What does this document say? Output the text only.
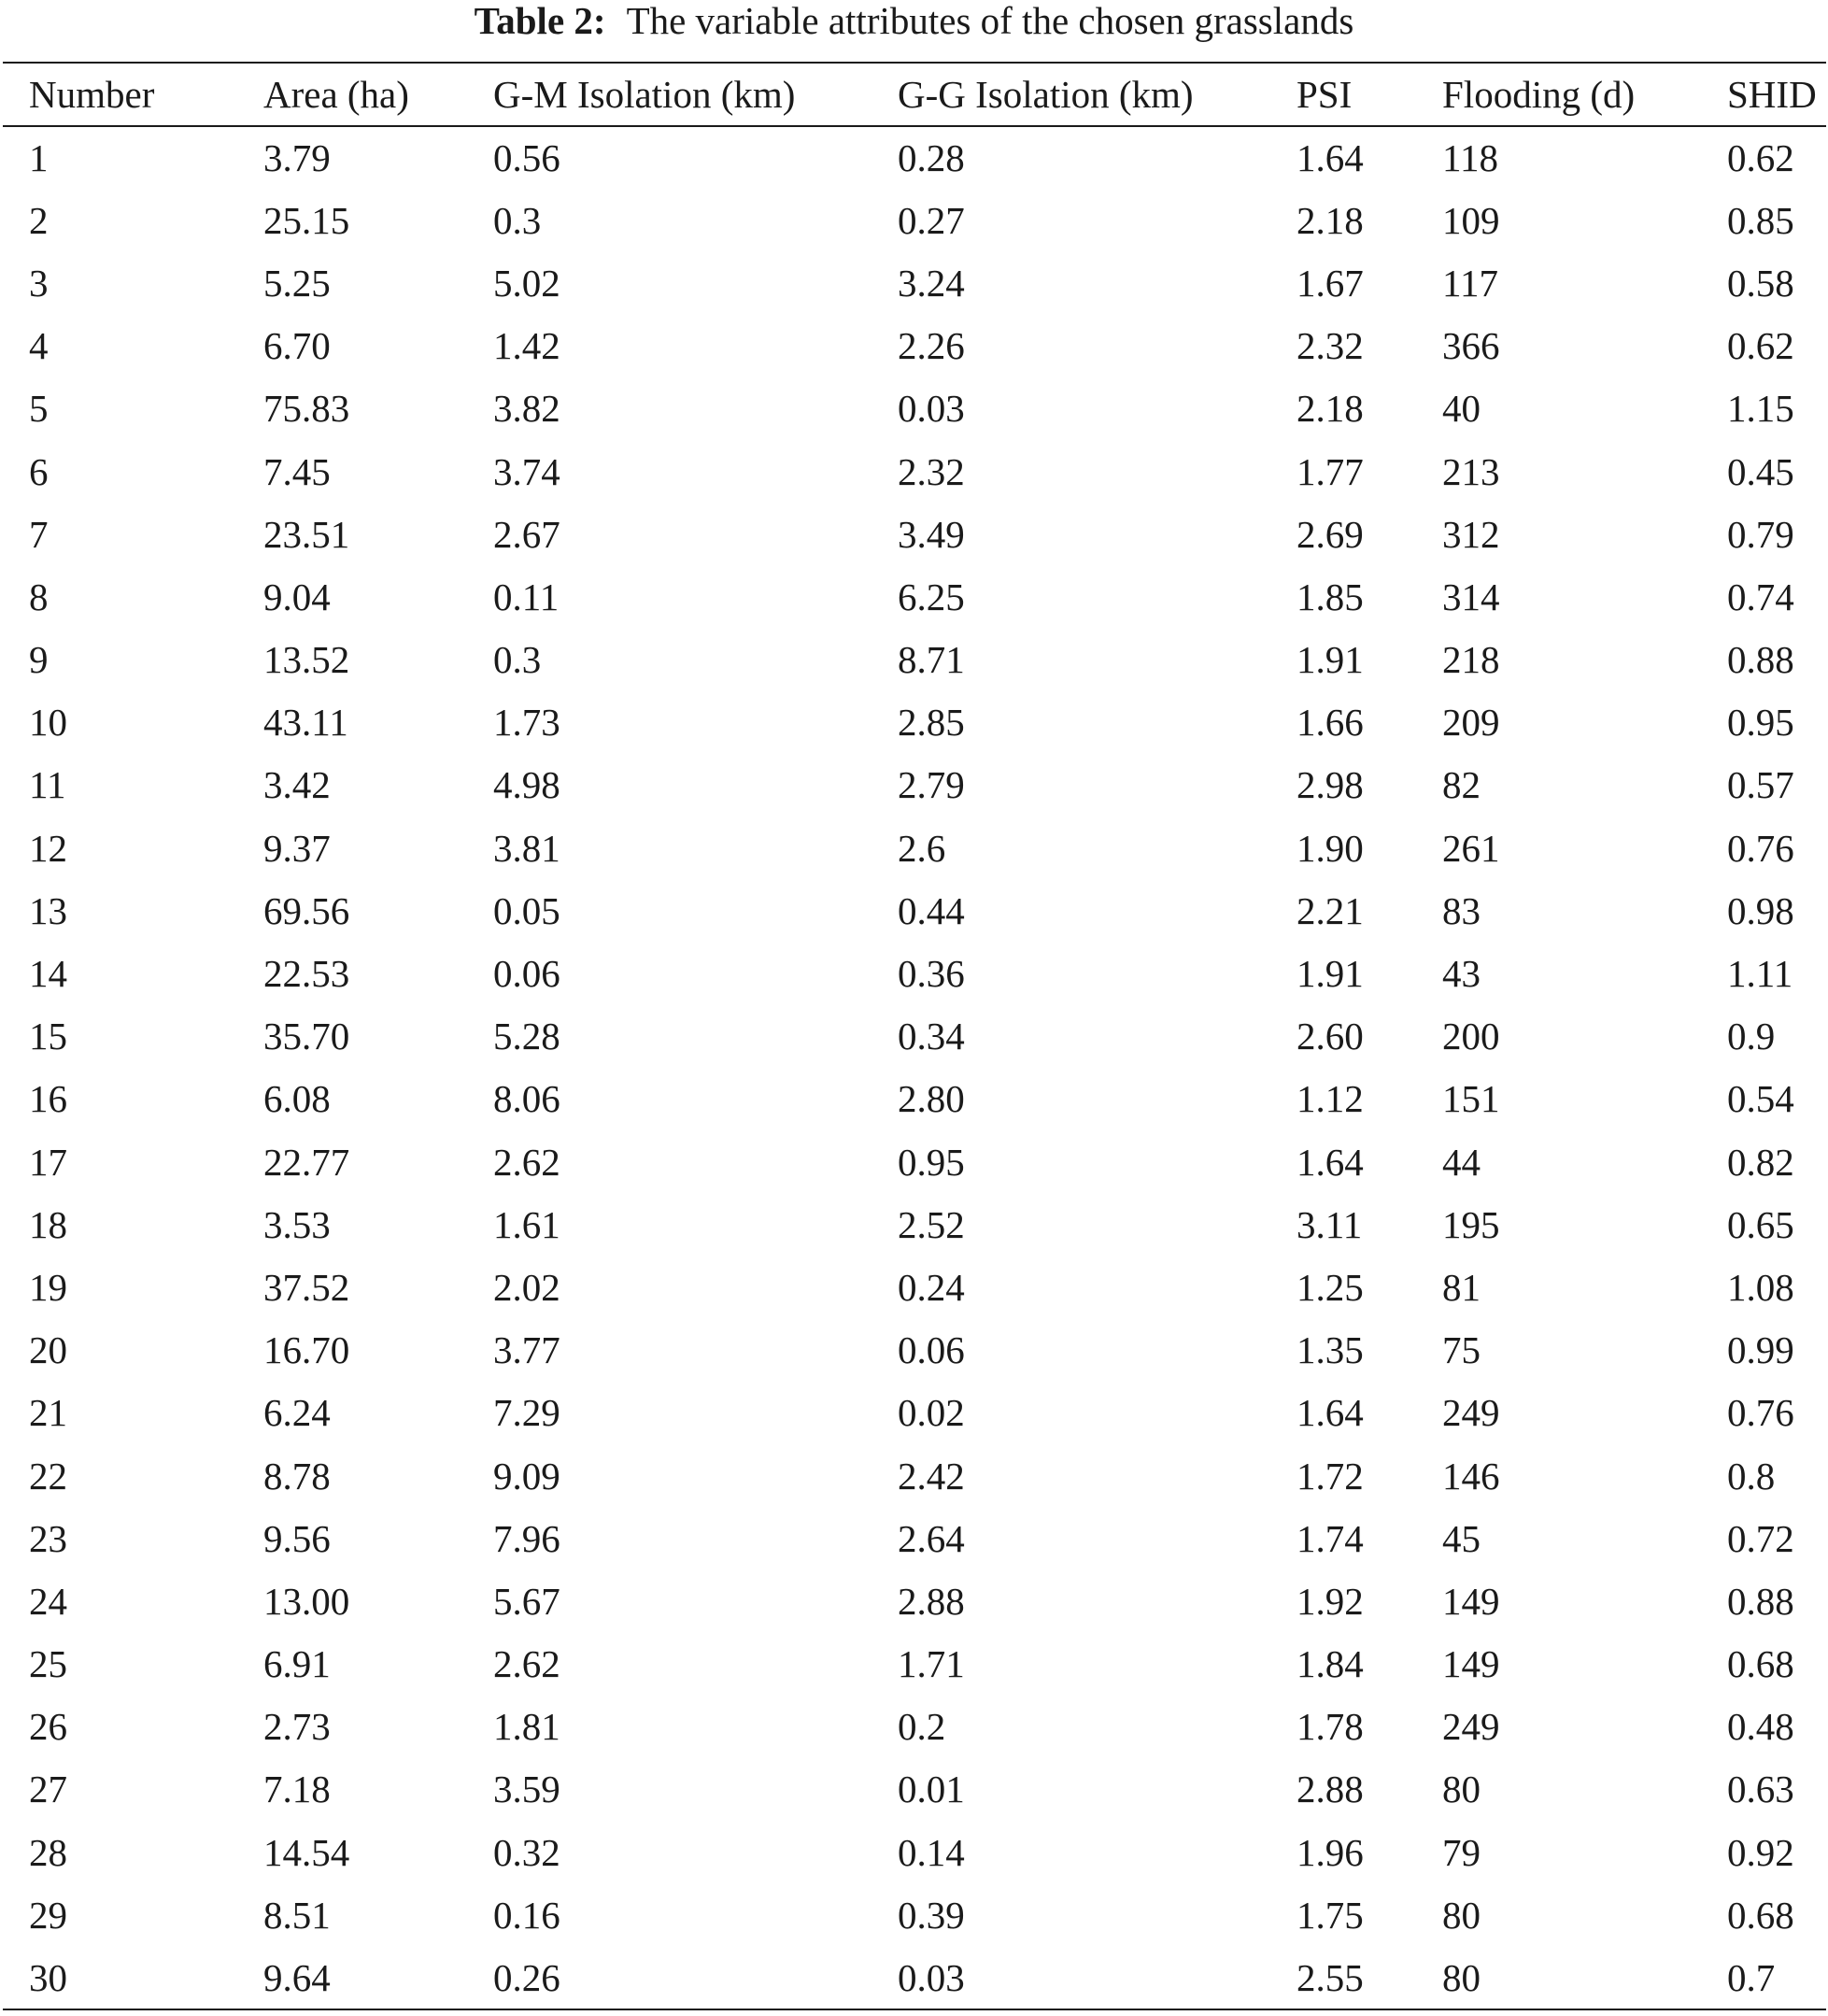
Table 2: The variable attributes of the chosen grasslands
Number	Area (ha)	G-M Isolation (km)	G-G Isolation (km)	PSI	Flooding (d)	SHID
1	3.79	0.56	0.28	1.64	118	0.62
2	25.15	0.3	0.27	2.18	109	0.85
3	5.25	5.02	3.24	1.67	117	0.58
4	6.70	1.42	2.26	2.32	366	0.62
5	75.83	3.82	0.03	2.18	40	1.15
6	7.45	3.74	2.32	1.77	213	0.45
7	23.51	2.67	3.49	2.69	312	0.79
8	9.04	0.11	6.25	1.85	314	0.74
9	13.52	0.3	8.71	1.91	218	0.88
10	43.11	1.73	2.85	1.66	209	0.95
11	3.42	4.98	2.79	2.98	82	0.57
12	9.37	3.81	2.6	1.90	261	0.76
13	69.56	0.05	0.44	2.21	83	0.98
14	22.53	0.06	0.36	1.91	43	1.11
15	35.70	5.28	0.34	2.60	200	0.9
16	6.08	8.06	2.80	1.12	151	0.54
17	22.77	2.62	0.95	1.64	44	0.82
18	3.53	1.61	2.52	3.11	195	0.65
19	37.52	2.02	0.24	1.25	81	1.08
20	16.70	3.77	0.06	1.35	75	0.99
21	6.24	7.29	0.02	1.64	249	0.76
22	8.78	9.09	2.42	1.72	146	0.8
23	9.56	7.96	2.64	1.74	45	0.72
24	13.00	5.67	2.88	1.92	149	0.88
25	6.91	2.62	1.71	1.84	149	0.68
26	2.73	1.81	0.2	1.78	249	0.48
27	7.18	3.59	0.01	2.88	80	0.63
28	14.54	0.32	0.14	1.96	79	0.92
29	8.51	0.16	0.39	1.75	80	0.68
30	9.64	0.26	0.03	2.55	80	0.7
